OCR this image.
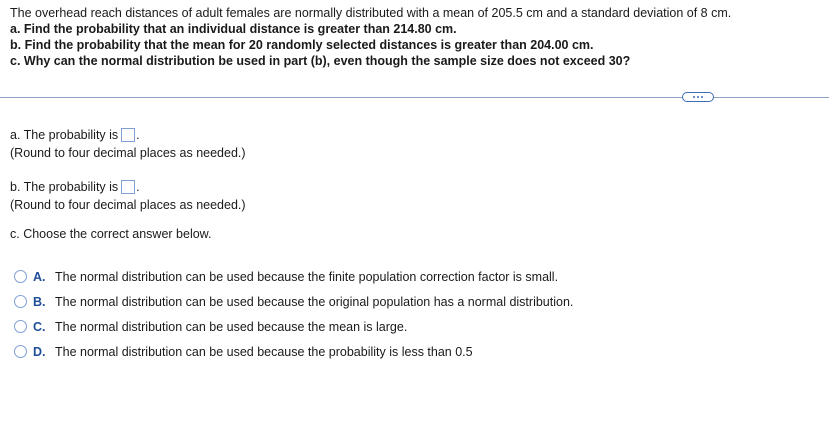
The overhead reach distances of adult females are normally distributed with a mean of 205.5 cm and a standard deviation of 8 cm.
a. Find the probability that an individual distance is greater than 214.80 cm.
b. Find the probability that the mean for 20 randomly selected distances is greater than 204.00 cm.
c. Why can the normal distribution be used in part (b), even though the sample size does not exceed 30?
a. The probability is .
(Round to four decimal places as needed.)
b. The probability is .
(Round to four decimal places as needed.)
c. Choose the correct answer below.
A. The normal distribution can be used because the finite population correction factor is small.
B. The normal distribution can be used because the original population has a normal distribution.
C. The normal distribution can be used because the mean is large.
D. The normal distribution can be used because the probability is less than 0.5
